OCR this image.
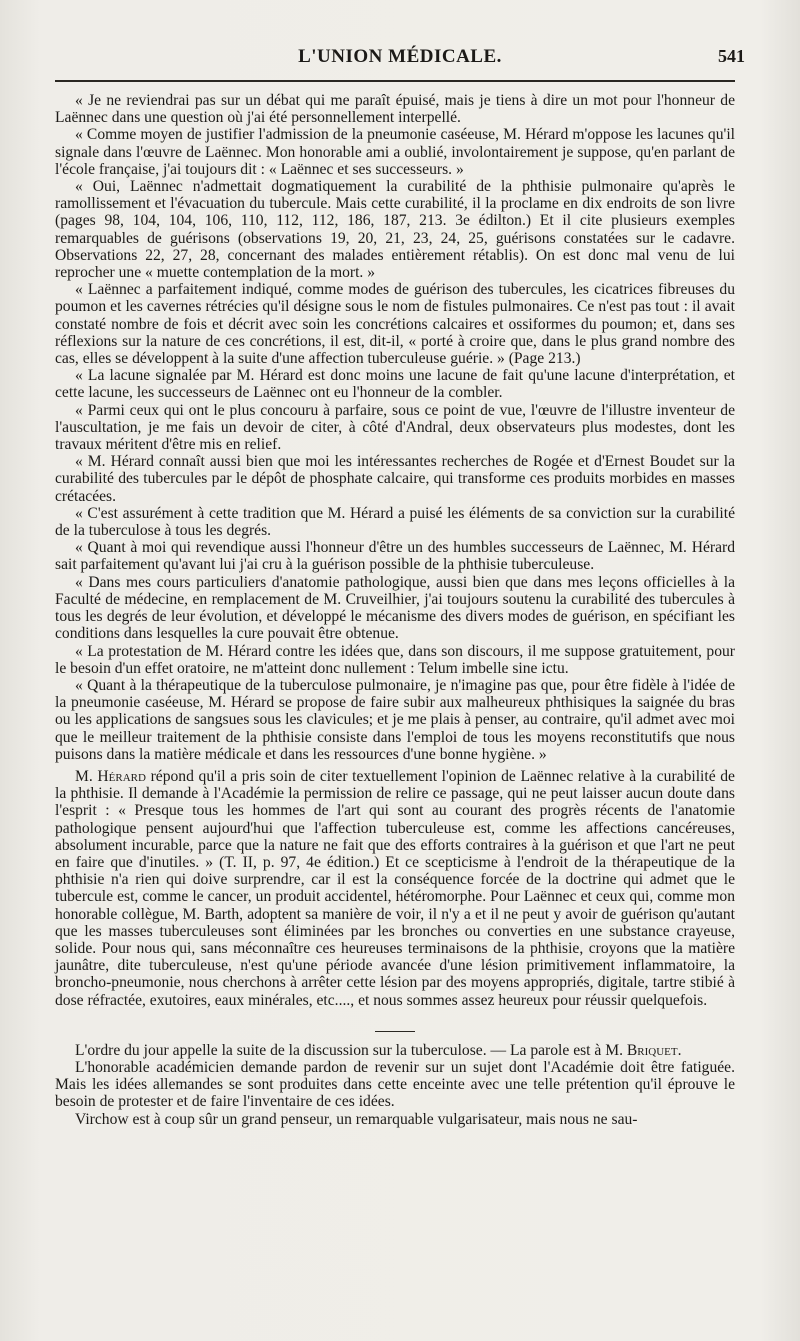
L'UNION MÉDICALE.	541

« Je ne reviendrai pas sur un débat qui me paraît épuisé, mais je tiens à dire un mot pour l'honneur de Laënnec dans une question où j'ai été personnellement interpellé.

« Comme moyen de justifier l'admission de la pneumonie caséeuse, M. Hérard m'oppose les lacunes qu'il signale dans l'œuvre de Laënnec. Mon honorable ami a oublié, involontairement je suppose, qu'en parlant de l'école française, j'ai toujours dit : « Laënnec et ses successeurs. »

« Oui, Laënnec n'admettait dogmatiquement la curabilité de la phthisie pulmonaire qu'après le ramollissement et l'évacuation du tubercule. Mais cette curabilité, il la proclame en dix endroits de son livre (pages 98, 104, 104, 106, 110, 112, 112, 186, 187, 213. 3e édilton.) Et il cite plusieurs exemples remarquables de guérisons (observations 19, 20, 21, 23, 24, 25, guérisons constatées sur le cadavre. Observations 22, 27, 28, concernant des malades entièrement rétablis). On est donc mal venu de lui reprocher une « muette contemplation de la mort. »

« Laënnec a parfaitement indiqué, comme modes de guérison des tubercules, les cicatrices fibreuses du poumon et les cavernes rétrécies qu'il désigne sous le nom de fistules pulmonaires. Ce n'est pas tout : il avait constaté nombre de fois et décrit avec soin les concrétions calcaires et ossiformes du poumon; et, dans ses réflexions sur la nature de ces concrétions, il est, dit-il, « porté à croire que, dans le plus grand nombre des cas, elles se développent à la suite d'une affection tuberculeuse guérie. » (Page 213.)

« La lacune signalée par M. Hérard est donc moins une lacune de fait qu'une lacune d'interprétation, et cette lacune, les successeurs de Laënnec ont eu l'honneur de la combler.

« Parmi ceux qui ont le plus concouru à parfaire, sous ce point de vue, l'œuvre de l'illustre inventeur de l'auscultation, je me fais un devoir de citer, à côté d'Andral, deux observateurs plus modestes, dont les travaux méritent d'être mis en relief.

« M. Hérard connaît aussi bien que moi les intéressantes recherches de Rogée et d'Ernest Boudet sur la curabilité des tubercules par le dépôt de phosphate calcaire, qui transforme ces produits morbides en masses crétacées.

« C'est assurément à cette tradition que M. Hérard a puisé les éléments de sa conviction sur la curabilité de la tuberculose à tous les degrés.

« Quant à moi qui revendique aussi l'honneur d'être un des humbles successeurs de Laënnec, M. Hérard sait parfaitement qu'avant lui j'ai cru à la guérison possible de la phthisie tuberculeuse.

« Dans mes cours particuliers d'anatomie pathologique, aussi bien que dans mes leçons officielles à la Faculté de médecine, en remplacement de M. Cruveilhier, j'ai toujours soutenu la curabilité des tubercules à tous les degrés de leur évolution, et développé le mécanisme des divers modes de guérison, en spécifiant les conditions dans lesquelles la cure pouvait être obtenue.

« La protestation de M. Hérard contre les idées que, dans son discours, il me suppose gratuitement, pour le besoin d'un effet oratoire, ne m'atteint donc nullement : Telum imbelle sine ictu.

« Quant à la thérapeutique de la tuberculose pulmonaire, je n'imagine pas que, pour être fidèle à l'idée de la pneumonie caséeuse, M. Hérard se propose de faire subir aux malheureux phthisiques la saignée du bras ou les applications de sangsues sous les clavicules; et je me plais à penser, au contraire, qu'il admet avec moi que le meilleur traitement de la phthisie consiste dans l'emploi de tous les moyens reconstitutifs que nous puisons dans la matière médicale et dans les ressources d'une bonne hygiène. »

M. Hérard répond qu'il a pris soin de citer textuellement l'opinion de Laënnec relative à la curabilité de la phthisie. Il demande à l'Académie la permission de relire ce passage, qui ne peut laisser aucun doute dans l'esprit : « Presque tous les hommes de l'art qui sont au courant des progrès récents de l'anatomie pathologique pensent aujourd'hui que l'affection tuberculeuse est, comme les affections cancéreuses, absolument incurable, parce que la nature ne fait que des efforts contraires à la guérison et que l'art ne peut en faire que d'inutiles. » (T. II, p. 97, 4e édition.) Et ce scepticisme à l'endroit de la thérapeutique de la phthisie n'a rien qui doive surprendre, car il est la conséquence forcée de la doctrine qui admet que le tubercule est, comme le cancer, un produit accidentel, hétéromorphe. Pour Laënnec et ceux qui, comme mon honorable collègue, M. Barth, adoptent sa manière de voir, il n'y a et il ne peut y avoir de guérison qu'autant que les masses tuberculeuses sont éliminées par les bronches ou converties en une substance crayeuse, solide. Pour nous qui, sans méconnaître ces heureuses terminaisons de la phthisie, croyons que la matière jaunâtre, dite tuberculeuse, n'est qu'une période avancée d'une lésion primitivement inflammatoire, la broncho-pneumonie, nous cherchons à arrêter cette lésion par des moyens appropriés, digitale, tartre stibié à dose réfractée, exutoires, eaux minérales, etc...., et nous sommes assez heureux pour réussir quelquefois.

L'ordre du jour appelle la suite de la discussion sur la tuberculose. — La parole est à M. Briquet.

L'honorable académicien demande pardon de revenir sur un sujet dont l'Académie doit être fatiguée. Mais les idées allemandes se sont produites dans cette enceinte avec une telle prétention qu'il éprouve le besoin de protester et de faire l'inventaire de ces idées.

Virchow est à coup sûr un grand penseur, un remarquable vulgarisateur, mais nous ne sau-
